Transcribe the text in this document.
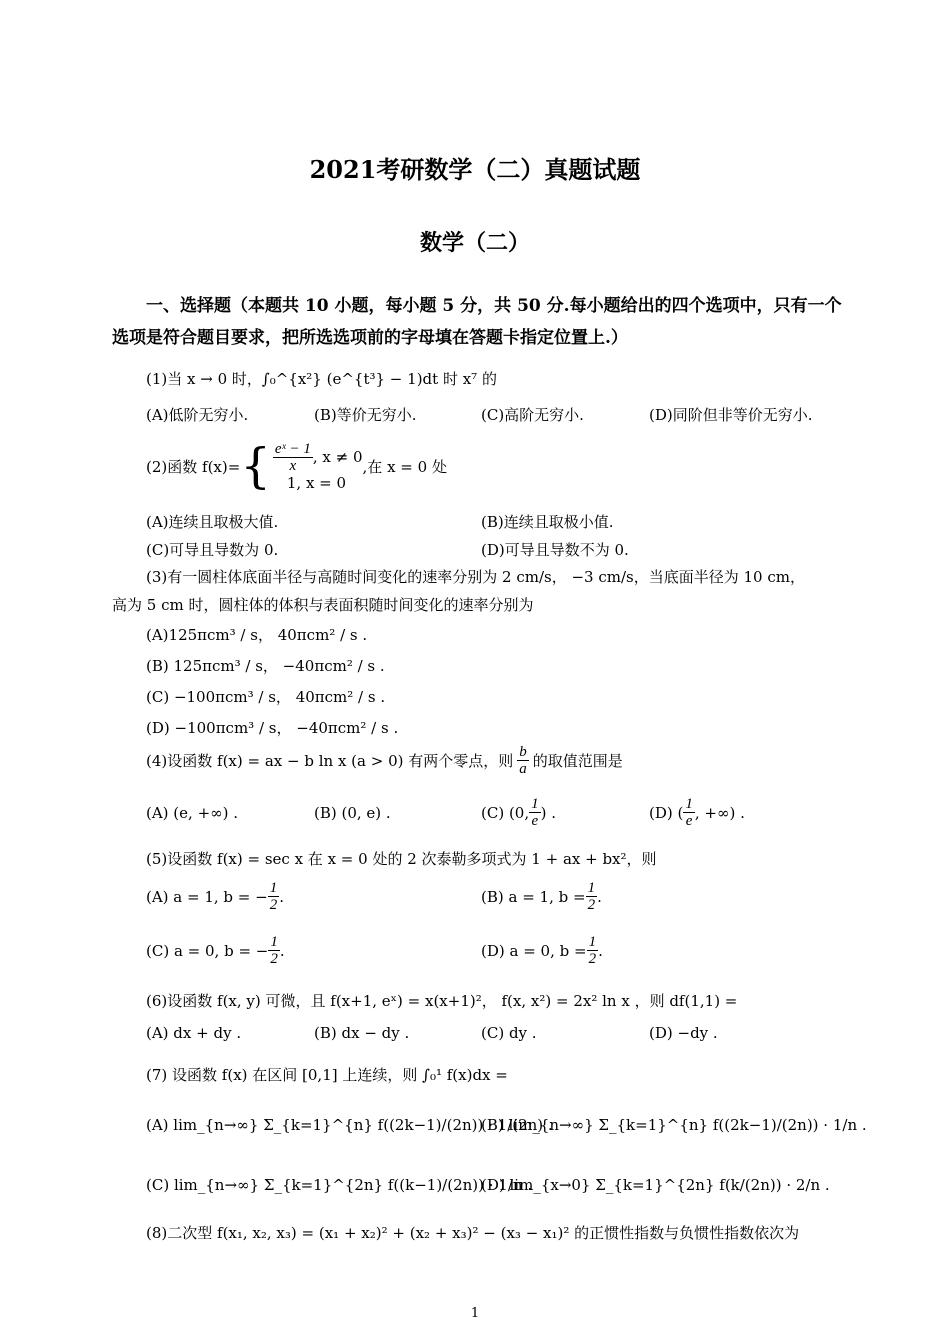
2021考研数学（二）真题试题
数学（二）
一、选择题（本题共 10 小题，每小题 5 分，共 50 分.每小题给出的四个选项中，只有一个选项是符合题目要求，把所选选项前的字母填在答题卡指定位置上.）
(1)当 x → 0 时，∫₀^{x²} (e^{t³} − 1)dt 时 x⁷ 的
(A)低阶无穷小.	(B)等价无穷小.	(C)高阶无穷小.	(D)同阶但非等价无穷小.
(2)函数 f(x)= { $\frac{\text{eˣ − 1}}{x}$ , x ≠ 0
1, x = 0
,在 x = 0 处
(A)连续且取极大值.	(B)连续且取极小值.
(C)可导且导数为 0.	(D)可导且导数不为 0.
(3)有一圆柱体底面半径与高随时间变化的速率分别为 2 cm/s， −3 cm/s，当底面半径为 10 cm，
高为 5 cm 时，圆柱体的体积与表面积随时间变化的速率分别为
(A)125πcm³ / s， 40πcm² / s .
(B) 125πcm³ / s， −40πcm² / s .
(C) −100πcm³ / s， 40πcm² / s .
(D) −100πcm³ / s， −40πcm² / s .
(4)设函数 f(x) = ax − b ln x (a > 0) 有两个零点，则 $\frac{b}{a}$ 的取值范围是
(A) (e, +∞) .	(B) (0, e) .	(C) (0, $\frac{1}{e}$ ) .	(D) ( $\frac{1}{e}$ , +∞) .
(5)设函数 f(x) = sec x 在 x = 0 处的 2 次泰勒多项式为 1 + ax + bx²，则
(A) a = 1, b = − $\frac{1}{2}$ .	(B) a = 1, $b = \frac{1}{2}$ .
(C) a = 0, b = − $\frac{1}{2}$ .	(D) a = 0, $b = \frac{1}{2}$ .
(6)设函数 f(x, y) 可微，且 f(x+1, eˣ) = x(x+1)²， f(x, x²) = 2x² ln x ，则 df(1,1) =
(A) dx + dy .	(B) dx − dy .	(C) dy .	(D) −dy .
(7) 设函数 f(x) 在区间 [0,1] 上连续，则 ∫₀¹ f(x)dx =
(A) lim_{n→∞} Σ_{k=1}^{n} f((2k−1)/(2n)) · 1/(2n) .
(B) lim_{n→∞} Σ_{k=1}^{n} f((2k−1)/(2n)) · 1/n .
(C) lim_{n→∞} Σ_{k=1}^{2n} f((k−1)/(2n)) · 1/n .
(D) lim_{x→0} Σ_{k=1}^{2n} f(k/(2n)) · 2/n .
(8)二次型 f(x₁, x₂, x₃) = (x₁ + x₂)² + (x₂ + x₃)² − (x₃ − x₁)² 的正惯性指数与负惯性指数依次为
1
